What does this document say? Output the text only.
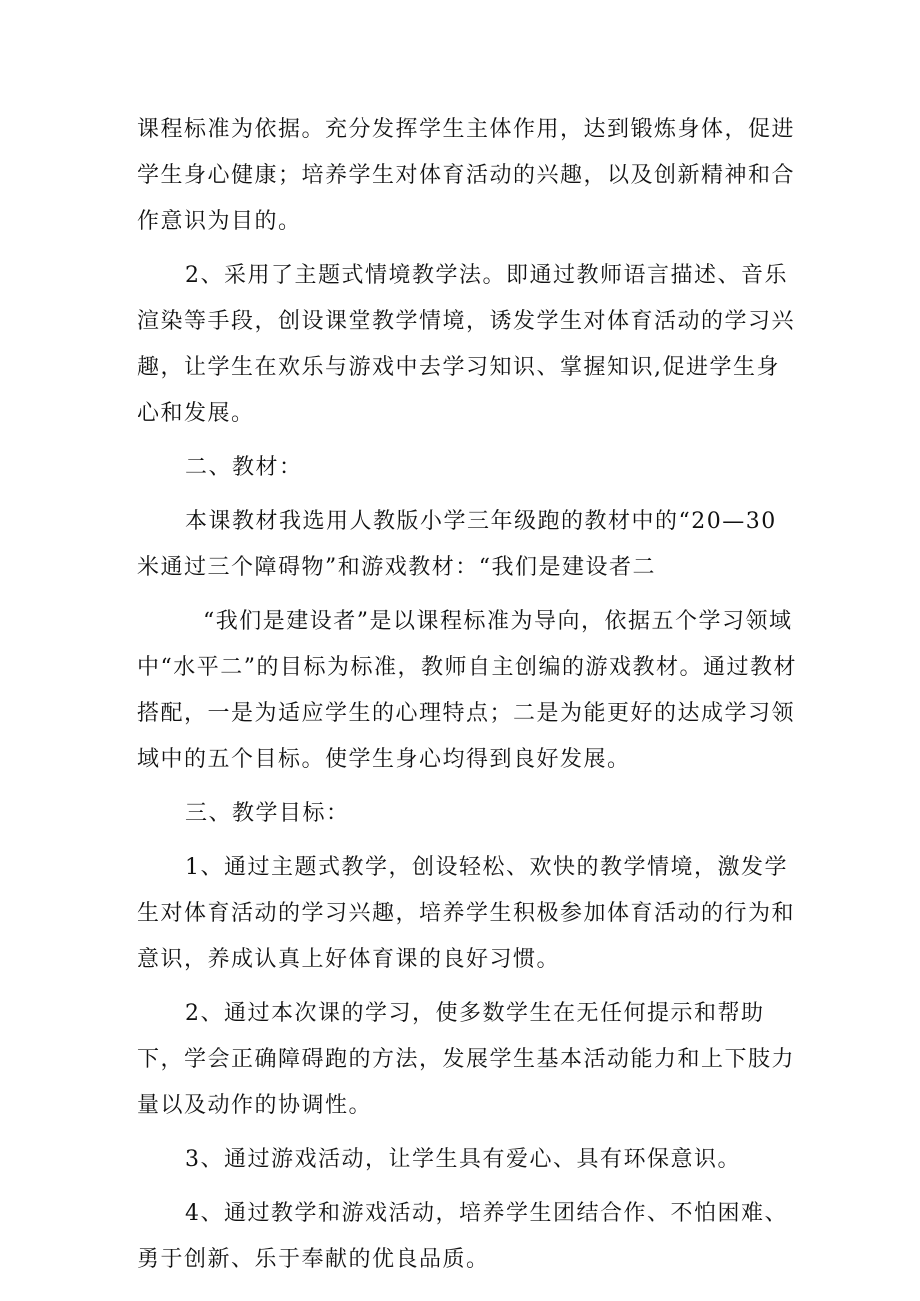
课程标准为依据。充分发挥学生主体作用，达到锻炼身体，促进学生身心健康；培养学生对体育活动的兴趣，以及创新精神和合作意识为目的。

2、采用了主题式情境教学法。即通过教师语言描述、音乐渲染等手段，创设课堂教学情境，诱发学生对体育活动的学习兴趣，让学生在欢乐与游戏中去学习知识、掌握知识,促进学生身心和发展。

二、教材：

本课教材我选用人教版小学三年级跑的教材中的“20—30米通过三个障碍物”和游戏教材：“我们是建设者二

“我们是建设者”是以课程标准为导向，依据五个学习领域中“水平二”的目标为标准，教师自主创编的游戏教材。通过教材搭配，一是为适应学生的心理特点；二是为能更好的达成学习领域中的五个目标。使学生身心均得到良好发展。

三、教学目标：

1、通过主题式教学，创设轻松、欢快的教学情境，激发学生对体育活动的学习兴趣，培养学生积极参加体育活动的行为和意识，养成认真上好体育课的良好习惯。

2、通过本次课的学习，使多数学生在无任何提示和帮助下，学会正确障碍跑的方法，发展学生基本活动能力和上下肢力量以及动作的协调性。

3、通过游戏活动，让学生具有爱心、具有环保意识。

4、通过教学和游戏活动，培养学生团结合作、不怕困难、勇于创新、乐于奉献的优良品质。
